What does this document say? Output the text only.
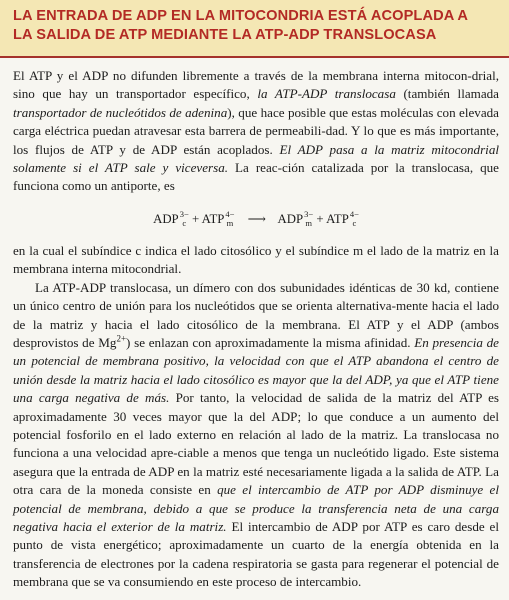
LA ENTRADA DE ADP EN LA MITOCONDRIA ESTÁ ACOPLADA A
LA SALIDA DE ATP MEDIANTE LA ATP-ADP TRANSLOCASA

El ATP y el ADP no difunden libremente a través de la membrana interna mitocon-drial, sino que hay un transportador específico, la ATP-ADP translocasa (también llamada transportador de nucleótidos de adenina), que hace posible que estas moléculas con elevada carga eléctrica puedan atravesar esta barrera de permeabili-dad. Y lo que es más importante, los flujos de ATP y de ADP están acoplados. El ADP pasa a la matriz mitocondrial solamente si el ATP sale y viceversa. La reac-ción catalizada por la translocasa, que funciona como un antiporte, es

ADP 3−
c + ATP 4−
m ⟶ ADP 3−
m + ATP 4−
c

en la cual el subíndice c indica el lado citosólico y el subíndice m el lado de la matriz en la membrana interna mitocondrial.

La ATP-ADP translocasa, un dímero con dos subunidades idénticas de 30 kd, contiene un único centro de unión para los nucleótidos que se orienta alternativa-mente hacia el lado de la matriz y hacia el lado citosólico de la membrana. El ATP y el ADP (ambos desprovistos de $Mg^{2+}$) se enlazan con aproximadamente la misma afinidad. En presencia de un potencial de membrana positivo, la velocidad con que el ATP abandona el centro de unión desde la matriz hacia el lado citosólico es mayor que la del ADP, ya que el ATP tiene una carga negativa de más. Por tanto, la velocidad de salida de la matriz del ATP es aproximadamente 30 veces mayor que la del ADP; lo que conduce a un aumento del potencial fosforilo en el lado externo en relación al lado de la matriz. La translocasa no funciona a una velocidad apre-ciable a menos que tenga un nucleótido ligado. Este sistema asegura que la entrada de ADP en la matriz esté necesariamente ligada a la salida de ATP. La otra cara de la moneda consiste en que el intercambio de ATP por ADP disminuye el potencial de membrana, debido a que se produce la transferencia neta de una carga negativa hacia el exterior de la matriz. El intercambio de ADP por ATP es caro desde el punto de vista energético; aproximadamente un cuarto de la energía obtenida en la transferencia de electrones por la cadena respiratoria se gasta para regenerar el potencial de membrana que se va consumiendo en este proceso de intercambio.
